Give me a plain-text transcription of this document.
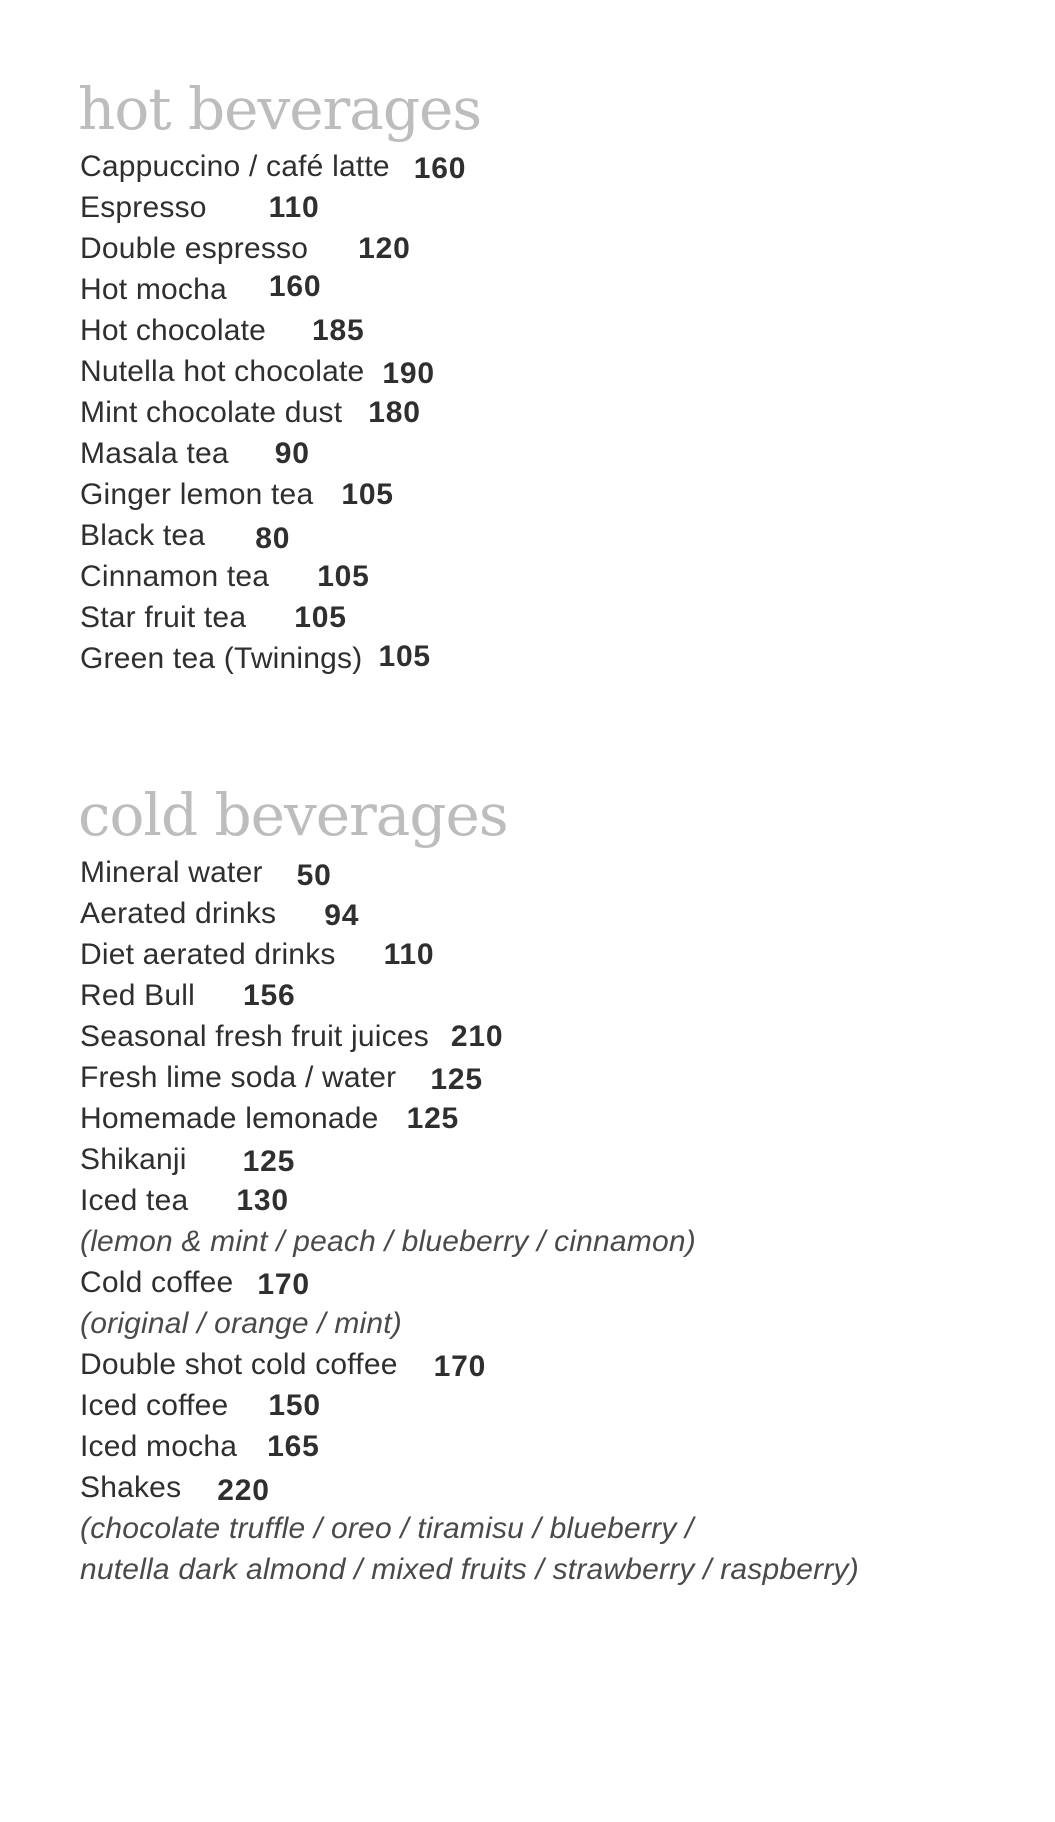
hot beverages
Cappuccino / café latte 160
Espresso 110
Double espresso 120
Hot mocha 160
Hot chocolate 185
Nutella hot chocolate 190
Mint chocolate dust 180
Masala tea 90
Ginger lemon tea 105
Black tea 80
Cinnamon tea 105
Star fruit tea 105
Green tea (Twinings) 105
cold beverages
Mineral water 50
Aerated drinks 94
Diet aerated drinks 110
Red Bull 156
Seasonal fresh fruit juices 210
Fresh lime soda / water 125
Homemade lemonade 125
Shikanji 125
Iced tea 130
(lemon & mint / peach / blueberry / cinnamon)
Cold coffee 170
(original / orange / mint)
Double shot cold coffee 170
Iced coffee 150
Iced mocha 165
Shakes 220
(chocolate truffle / oreo / tiramisu / blueberry /
nutella dark almond / mixed fruits / strawberry / raspberry)
